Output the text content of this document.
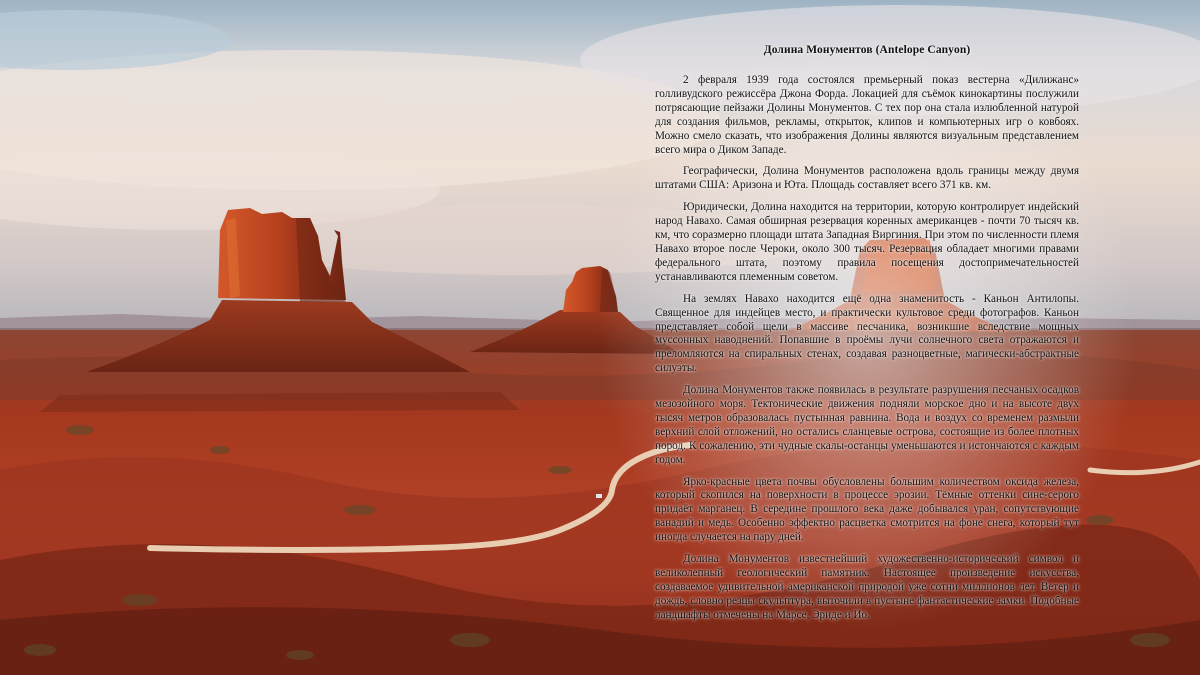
Долина Монументов (Antelope Canyon)

2 февраля 1939 года состоялся премьерный показ вестерна «Дилижанс» голливудского режиссёра Джона Форда. Локацией для съёмок кинокартины послужили потрясающие пейзажи Долины Монументов. С тех пор она стала излюбленной натурой для создания фильмов, рекламы, открыток, клипов и компьютерных игр о ковбоях. Можно смело сказать, что изображения Долины являются визуальным представлением всего мира о Диком Западе.

Географически, Долина Монументов расположена вдоль границы между двумя штатами США: Аризона и Юта. Площадь составляет всего 371 кв. км.

Юридически, Долина находится на территории, которую контролирует индейский народ Навахо. Самая обширная резервация коренных американцев - почти 70 тысяч кв. км, что соразмерно площади штата Западная Виргиния. При этом по численности племя Навахо второе после Чероки, около 300 тысяч. Резервация обладает многими правами федерального штата, поэтому правила посещения достопримечательностей устанавливаются племенным советом.

На землях Навахо находится ещё одна знаменитость - Каньон Антилопы. Священное для индейцев место, и практически культовое среди фотографов. Каньон представляет собой щели в массиве песчаника, возникшие вследствие мощных муссонных наводнений. Попавшие в проёмы лучи солнечного света отражаются и преломляются на спиральных стенах, создавая разноцветные, магически-абстрактные силуэты.

Долина Монументов также появилась в результате разрушения песчаных осадков мезозойного моря. Тектонические движения подняли морское дно и на высоте двух тысяч метров образовалась пустынная равнина. Вода и воздух со временем размыли верхний слой отложений, но остались сланцевые острова, состоящие из более плотных пород. К сожалению, эти чудные скалы-останцы уменьшаются и истончаются с каждым годом.

Ярко-красные цвета почвы обусловлены большим количеством оксида железа, который скопился на поверхности в процессе эрозии. Тёмные оттенки сине-серого придаёт марганец. В середине прошлого века даже добывался уран, сопутствующие ванадий и медь. Особенно эффектно расцветка смотрится на фоне снега, который тут иногда случается на пару дней.

Долина Монументов известнейший художественно-исторический символ и великолепный геологический памятник. Настоящее произведение искусства, создаваемое удивительной американской природой уже сотни миллионов лет. Ветер и дождь, словно резцы скульптура, выточили в пустыне фантастические замки. Подобные ландшафты отмечены на Марсе, Эриде и Ио.
